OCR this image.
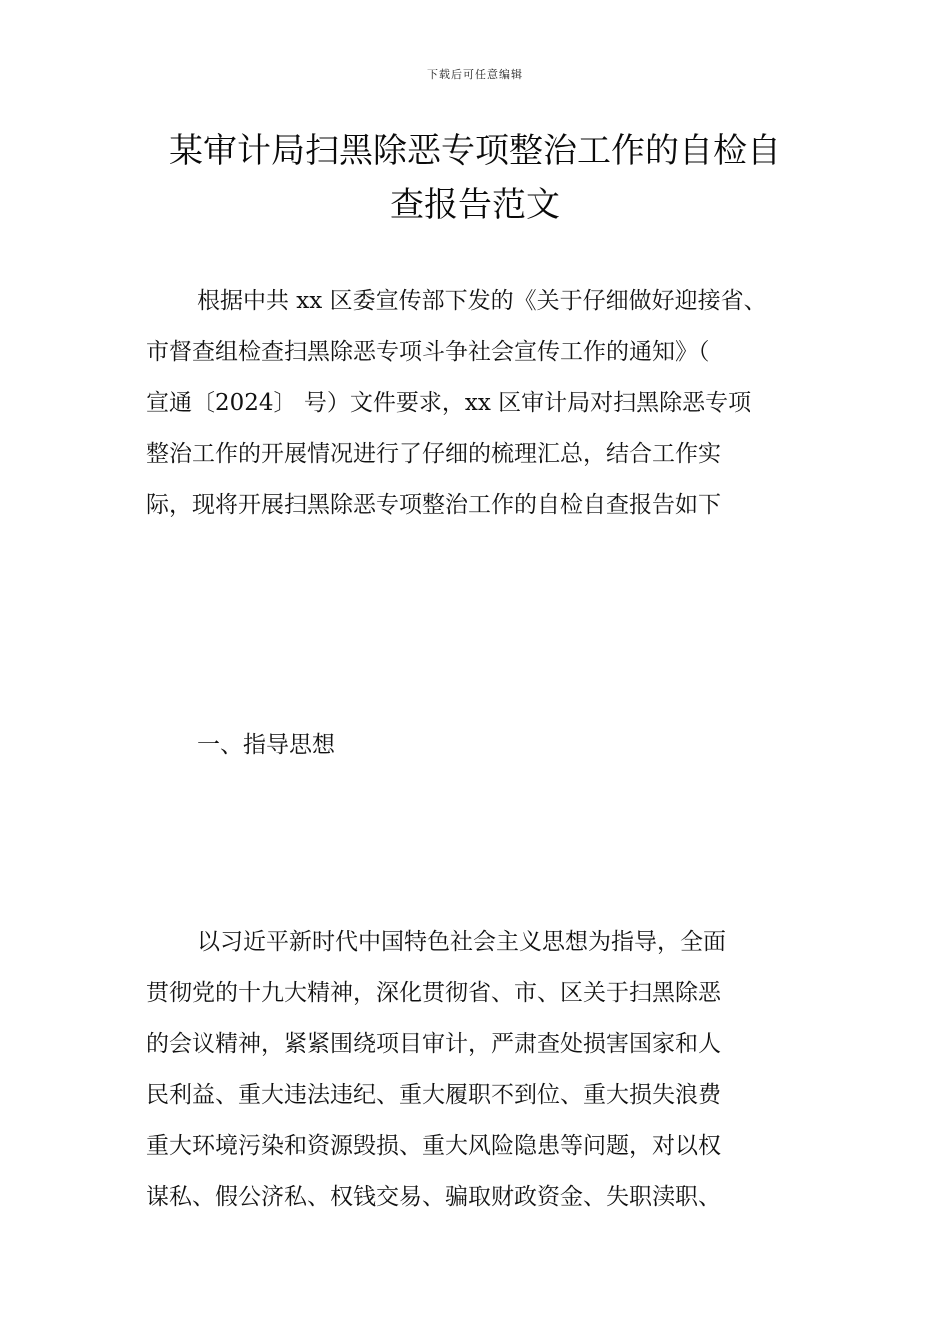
下载后可任意编辑
某审计局扫黑除恶专项整治工作的自检自
查报告范文
根据中共 xx 区委宣传部下发的《关于仔细做好迎接省、
市督查组检查扫黑除恶专项斗争社会宣传工作的通知》（
宣通〔2024〕 号）文件要求，xx 区审计局对扫黑除恶专项
整治工作的开展情况进行了仔细的梳理汇总，结合工作实
际，现将开展扫黑除恶专项整治工作的自检自查报告如下
一、指导思想
以习近平新时代中国特色社会主义思想为指导，全面
贯彻党的十九大精神，深化贯彻省、市、区关于扫黑除恶
的会议精神，紧紧围绕项目审计，严肃查处损害国家和人
民利益、重大违法违纪、重大履职不到位、重大损失浪费
重大环境污染和资源毁损、重大风险隐患等问题，对以权
谋私、假公济私、权钱交易、骗取财政资金、失职渎职、
